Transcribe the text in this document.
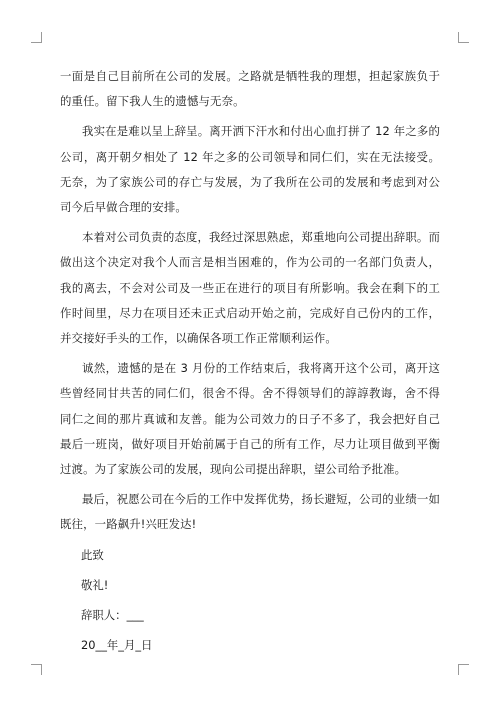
一面是自己目前所在公司的发展。之路就是牺牲我的理想，担起家族负于的重任。留下我人生的遗憾与无奈。

我实在是难以呈上辞呈。离开洒下汗水和付出心血打拼了 12 年之多的公司，离开朝夕相处了 12 年之多的公司领导和同仁们，实在无法接受。无奈，为了家族公司的存亡与发展，为了我所在公司的发展和考虑到对公司今后早做合理的安排。

本着对公司负责的态度，我经过深思熟虑，郑重地向公司提出辞职。而做出这个决定对我个人而言是相当困难的，作为公司的一名部门负责人，我的离去，不会对公司及一些正在进行的项目有所影响。我会在剩下的工作时间里，尽力在项目还未正式启动开始之前，完成好自己份内的工作，并交接好手头的工作，以确保各项工作正常顺利运作。

诚然，遗憾的是在 3 月份的工作结束后，我将离开这个公司，离开这些曾经同甘共苦的同仁们，很舍不得。舍不得领导们的諄諄教诲，舍不得同仁之间的那片真诚和友善。能为公司效力的日子不多了，我会把好自己最后一班岗，做好项目开始前属于自己的所有工作，尽力让项目做到平衡过渡。为了家族公司的发展，现向公司提出辞职，望公司给予批准。

最后，祝愿公司在今后的工作中发挥优势，扬长避短，公司的业绩一如既往，一路飙升!兴旺发达!

此致

敬礼!

辞职人：___

20__年_月_日
